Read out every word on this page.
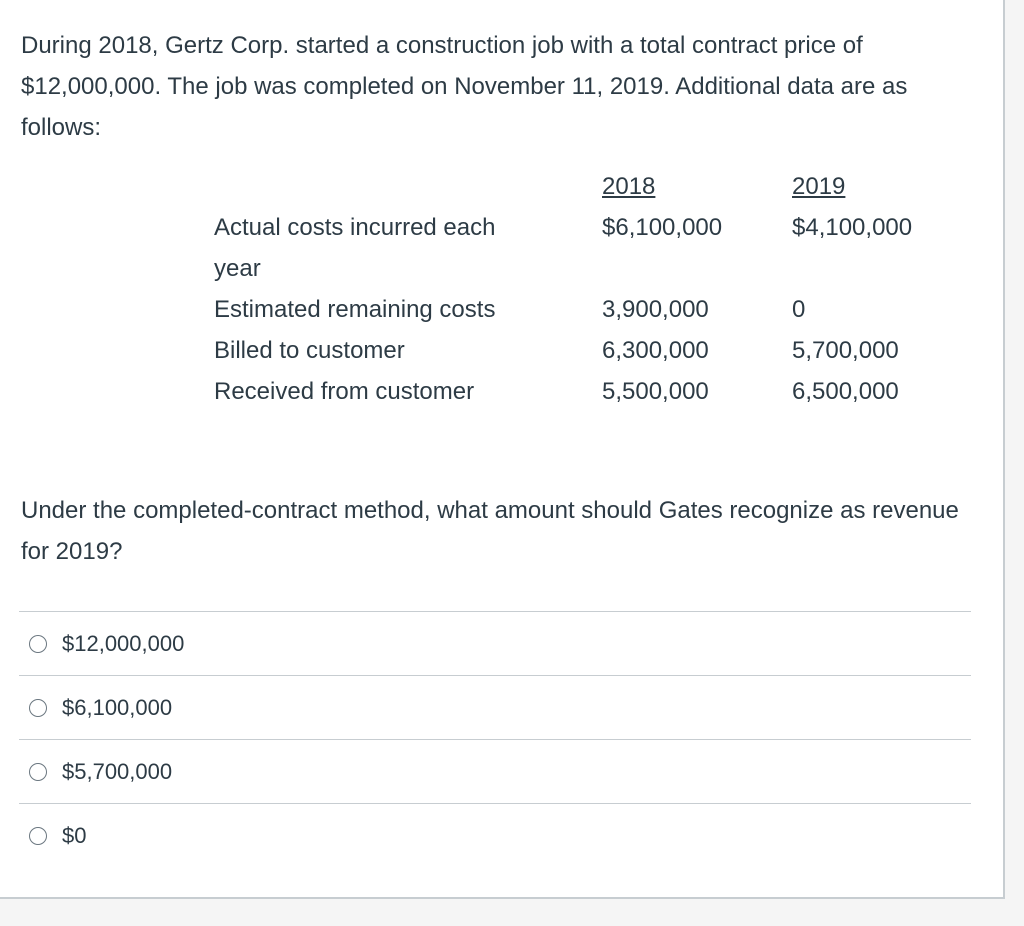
During 2018, Gertz Corp. started a construction job with a total contract price of $12,000,000. The job was completed on November 11, 2019. Additional data are as follows:

	2018	2019

Actual costs incurred each year	$6,100,000	$4,100,000
Estimated remaining costs	3,900,000	0
Billed to customer	6,300,000	5,700,000
Received from customer	5,500,000	6,500,000

Under the completed-contract method, what amount should Gates recognize as revenue for 2019?

$12,000,000
$6,100,000
$5,700,000
$0
